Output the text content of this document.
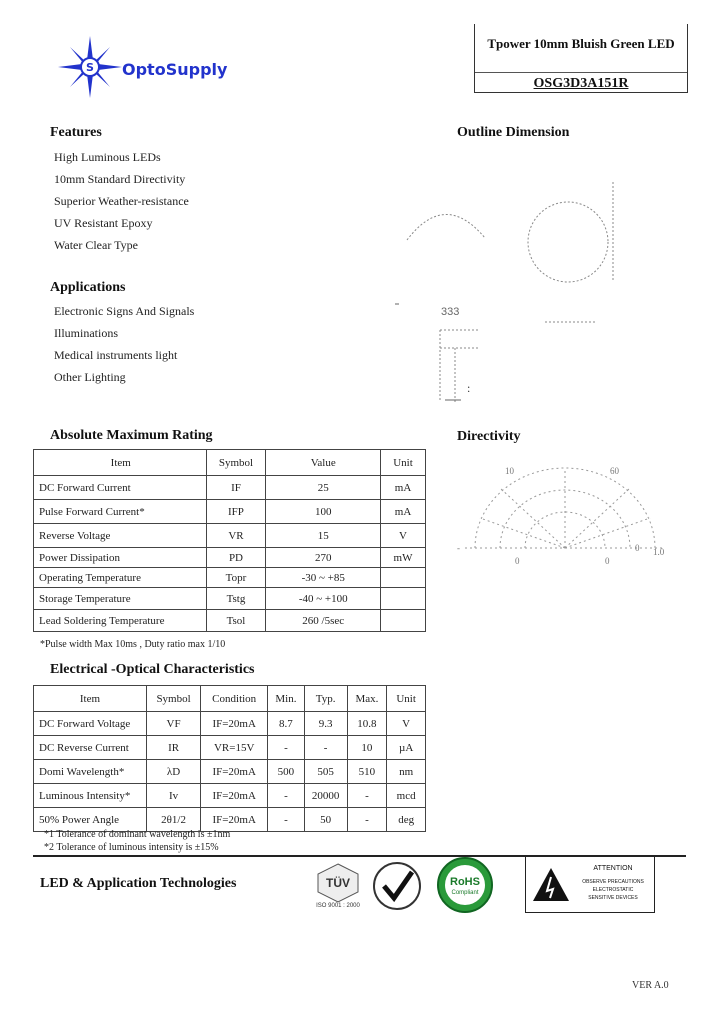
S OptoSupply
Tpower 10mm Bluish Green LED
OSG3D3A151R
Features
High Luminous LEDs
10mm Standard Directivity
Superior Weather-resistance
UV Resistant Epoxy
Water Clear Type
Applications
Electronic Signs And Signals
Illuminations
Medical instruments light
Other Lighting
Outline Dimension
333
:
Directivity
10	60
-	0
0	0
1.0
Absolute Maximum Rating
Item	Symbol	Value	Unit
DC Forward Current	IF	25	mA
Pulse Forward Current*	IFP	100	mA
Reverse Voltage	VR	15	V
Power Dissipation	PD	270	mW
Operating Temperature	Topr	-30 ~ +85	
Storage Temperature	Tstg	-40 ~ +100	
Lead Soldering Temperature	Tsol	260 /5sec	
*Pulse width Max 10ms , Duty ratio max 1/10
Electrical -Optical Characteristics
Item	Symbol	Condition	Min.	Typ.	Max.	Unit
DC Forward Voltage	VF	IF=20mA	8.7	9.3	10.8	V
DC Reverse Current	IR	VR=15V	-	-	10	µA
Domi Wavelength*	λD	IF=20mA	500	505	510	nm
Luminous Intensity*	Iv	IF=20mA	-	20000	-	mcd
50% Power Angle	2θ1/2	IF=20mA	-	50	-	deg
*1 Tolerance of dominant wavelength is ±1nm
*2 Tolerance of luminous intensity is ±15%
LED & Application Technologies	TÜV
ISO 9001 : 2000
RoHS
Compliant
ATTENTION
OBSERVE PRECAUTIONS
ELECTROSTATIC
SENSITIVE DEVICES
VER A.0
